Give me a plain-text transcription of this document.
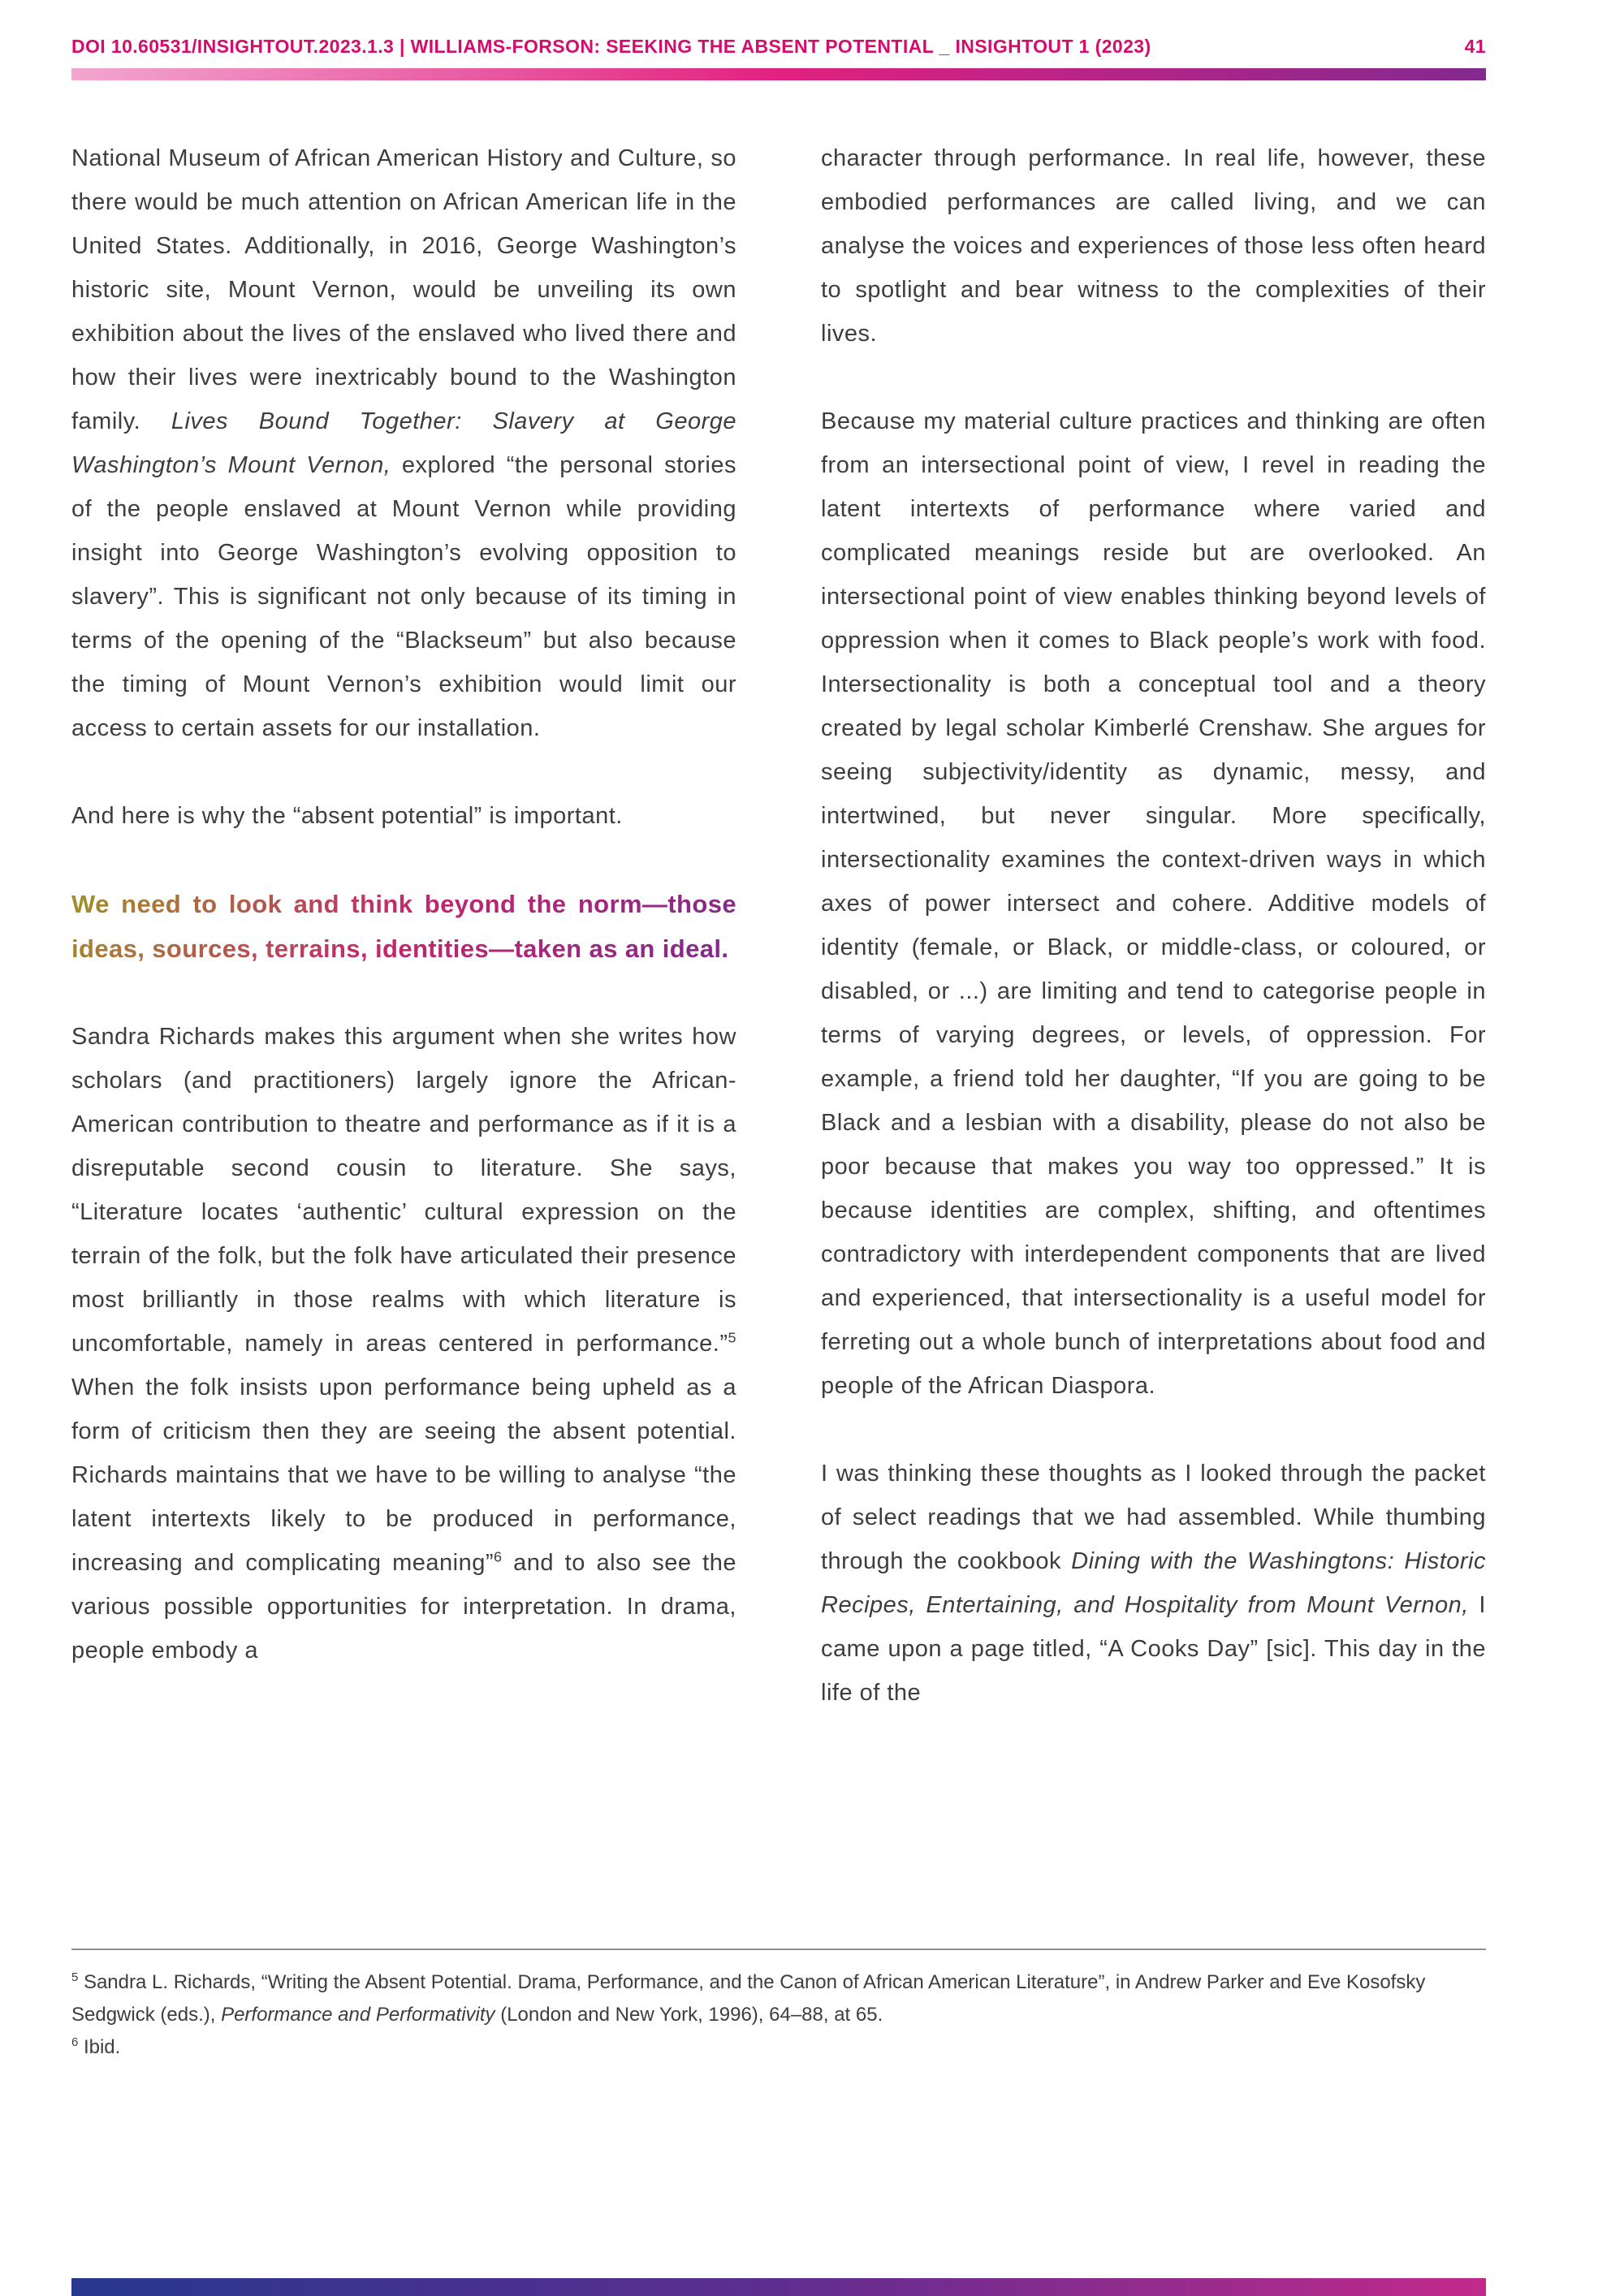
DOI 10.60531/INSIGHTOUT.2023.1.3 | WILLIAMS-FORSON: SEEKING THE ABSENT POTENTIAL _ INSIGHTOUT 1 (2023)	41

National Museum of African American History and Culture, so there would be much attention on African American life in the United States. Additionally, in 2016, George Washington’s historic site, Mount Vernon, would be unveiling its own exhibition about the lives of the enslaved who lived there and how their lives were inextricably bound to the Washington family. Lives Bound Together: Slavery at George Washington’s Mount Vernon, explored “the personal stories of the people enslaved at Mount Vernon while providing insight into George Washington’s evolving opposition to slavery”. This is significant not only because of its timing in terms of the opening of the “Blackseum” but also because the timing of Mount Vernon’s exhibition would limit our access to certain assets for our installation.

And here is why the “absent potential” is important.

We need to look and think beyond the norm—those ideas, sources, terrains, identities—taken as an ideal.

Sandra Richards makes this argument when she writes how scholars (and practitioners) largely ignore the African-American contribution to theatre and performance as if it is a disreputable second cousin to literature. She says, “Literature locates ‘authentic’ cultural expression on the terrain of the folk, but the folk have articulated their presence most brilliantly in those realms with which literature is uncomfortable, namely in areas centered in performance.”$^5$ When the folk insists upon performance being upheld as a form of criticism then they are seeing the absent potential. Richards maintains that we have to be willing to analyse “the latent intertexts likely to be produced in performance, increasing and complicating meaning”$^6$ and to also see the various possible opportunities for interpretation. In drama, people embody a

character through performance. In real life, however, these embodied performances are called living, and we can analyse the voices and experiences of those less often heard to spotlight and bear witness to the complexities of their lives.

Because my material culture practices and thinking are often from an intersectional point of view, I revel in reading the latent intertexts of performance where varied and complicated meanings reside but are overlooked. An intersectional point of view enables thinking beyond levels of oppression when it comes to Black people’s work with food. Intersectionality is both a conceptual tool and a theory created by legal scholar Kimberlé Crenshaw. She argues for seeing subjectivity/identity as dynamic, messy, and intertwined, but never singular. More specifically, intersectionality examines the context-driven ways in which axes of power intersect and cohere. Additive models of identity (female, or Black, or middle-class, or coloured, or disabled, or ...) are limiting and tend to categorise people in terms of varying degrees, or levels, of oppression. For example, a friend told her daughter, “If you are going to be Black and a lesbian with a disability, please do not also be poor because that makes you way too oppressed.” It is because identities are complex, shifting, and oftentimes contradictory with interdependent components that are lived and experienced, that intersectionality is a useful model for ferreting out a whole bunch of interpretations about food and people of the African Diaspora.

I was thinking these thoughts as I looked through the packet of select readings that we had assembled. While thumbing through the cookbook Dining with the Washingtons: Historic Recipes, Entertaining, and Hospitality from Mount Vernon, I came upon a page titled, “A Cooks Day” [sic]. This day in the life of the

$^5$ Sandra L. Richards, “Writing the Absent Potential. Drama, Performance, and the Canon of African American Literature”, in Andrew Parker and Eve Kosofsky Sedgwick (eds.), Performance and Performativity (London and New York, 1996), 64–88, at 65.

$^6$ Ibid.
